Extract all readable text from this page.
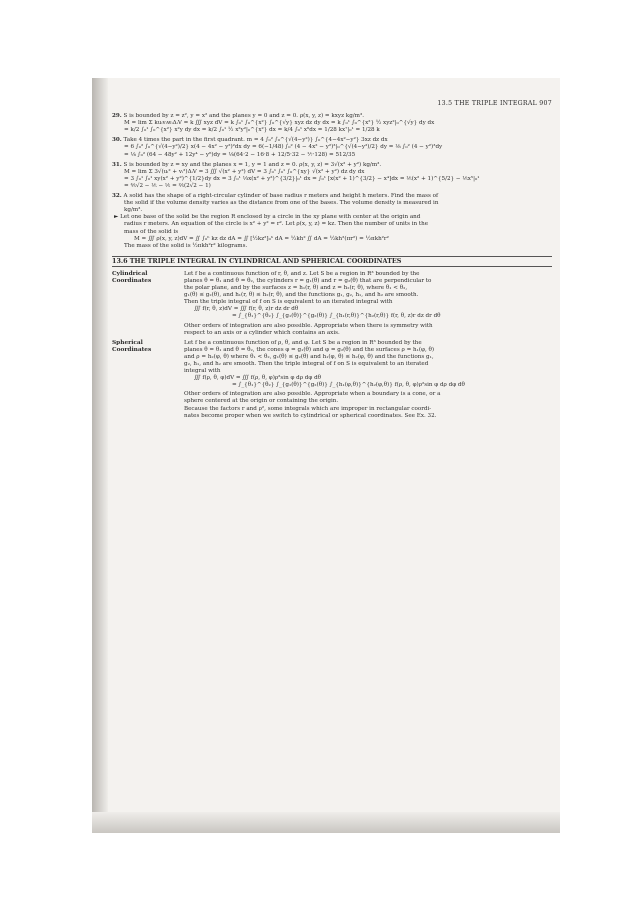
13.5 THE TRIPLE INTEGRAL 907
29. S is bounded by z = z², y = x² and the planes y = 0 and z = 0. ρ(x, y, z) = kxyz kg/m³.
M = lim Σ kuᵢvᵢwᵢΔᵢV = k ∭ xyz dV = k ∫₀¹ ∫₀^{x²} ∫₀^{√y} xyz dz dy dx = k ∫₀¹ ∫₀^{x²} ½ xyz²|₀^{√y} dy dx
= k/2 ∫₀¹ ∫₀^{x²} x²y dy dx = k/2 ∫₀¹ ½ x²y²|₀^{x²} dx = k/4 ∫₀¹ x⁶dx = 1/28 kx⁷|₀¹ = 1/28 k
30. Take 4 times the part in the first quadrant. m = 4 ∫₀² ∫₀^{√(4−y²)} ∫₀^{4−4x²−y²} 3xz dz dx
= 6 ∫₀² ∫₀^{√(4−y²)/2} x(4 − 4x² − y²)²dx dy = 6(−1/48) ∫₀² (4 − 4x² − y²)³|₀^{√(4−y²)/2} dy = ⅛ ∫₀² (4 − y²)³dy
= ⅛ ∫₀² (64 − 48y² + 12y⁴ − y⁶)dy = ⅛(64·2 − 16·8 + 12/5·32 − ⅐·128) = 512/35
31. S is bounded by z = xy and the planes x = 1, y = 1 and z = 0. ρ(x, y, z) = 3√(x² + y²) kg/m³.
M = lim Σ 3√(uᵢ² + vᵢ²)ΔᵢV = 3 ∭ √(x² + y²) dV = 3 ∫₀¹ ∫₀¹ ∫₀^{xy} √(x² + y²) dz dy dx
= 3 ∫₀¹ ∫₀¹ xy(x² + y²)^{1/2}dy dx = 3 ∫₀¹ ⅓x(x² + y²)^{3/2}|₀¹ dx = ∫₀¹ [x(x² + 1)^{3/2} − x⁴]dx = ⅕(x² + 1)^{5/2} − ⅕x⁵|₀¹
= ⅘√2 − ⅕ − ⅕ = ⅖(2√2 − 1)
32. A solid has the shape of a right-circular cylinder of base radius r meters and height h meters. Find the mass of
the solid if the volume density varies as the distance from one of the bases. The volume density is measured in
kg/m³.
► Let one base of the solid be the region R enclosed by a circle in the xy plane with center at the origin and
radius r meters. An equation of the circle is x² + y² = r². Let ρ(x, y, z) = kz. Then the number of units in the
mass of the solid is
M = ∭ ρ(x, y, z)dV = ∬ ∫₀ʰ kz dz dA = ∬ [½kz²]₀ʰ dA = ½kh² ∬ dA = ½kh²(πr²) = ½πkh²r²
The mass of the solid is ½πkh²r² kilograms.
13.6 THE TRIPLE INTEGRAL IN CYLINDRICAL AND SPHERICAL COORDINATES
Cylindrical Coordinates
Let f be a continuous function of r, θ, and z. Let S be a region in R³ bounded by the
planes θ = θ₁ and θ = θ₂, the cylinders r = g₁(θ) and r = g₂(θ) that are perpendicular to
the polar plane, and by the surfaces z = h₁(r, θ) and z = h₂(r, θ), where θ₁ < θ₂,
g₁(θ) ≤ g₂(θ), and h₁(r, θ) ≤ h₂(r, θ), and the functions g₁, g₂, h₁, and h₂ are smooth.
Then the triple integral of f on S is equivalent to an iterated integral with
∭ f(r, θ, z)dV = ∭ f(r, θ, z)r dz dr dθ
= ∫_{θ₁}^{θ₂} ∫_{g₁(θ)}^{g₂(θ)} ∫_{h₁(r,θ)}^{h₂(r,θ)} f(r, θ, z)r dz dr dθ
Other orders of integration are also possible. Appropriate when there is symmetry with
respect to an axis or a cylinder which contains an axis.
Spherical Coordinates
Let f be a continuous function of ρ, θ, and φ. Let S be a region in R³ bounded by the
planes θ = θ₁ and θ = θ₂, the cones φ = g₁(θ) and φ = g₂(θ) and the surfaces ρ = h₁(φ, θ)
and ρ = h₂(φ, θ) where θ₁ < θ₂, g₁(θ) ≤ g₂(θ) and h₁(φ, θ) ≤ h₂(φ, θ) and the functions g₁,
g₂, h₁, and h₂ are smooth. Then the triple integral of f on S is equivalent to an iterated
integral with
∭ f(ρ, θ, φ)dV = ∭ f(ρ, θ, φ)ρ²sin φ dρ dφ dθ
= ∫_{θ₁}^{θ₂} ∫_{g₁(θ)}^{g₂(θ)} ∫_{h₁(φ,θ)}^{h₂(φ,θ)} f(ρ, θ, φ)ρ²sin φ dρ dφ dθ
Other orders of integration are also possible. Appropriate when a boundary is a cone, or a
sphere centered at the origin or containing the origin.
Because the factors r and ρ², some integrals which are improper in rectangular coordi-
nates become proper when we switch to cylindrical or spherical coordinates. See Ex. 32.
